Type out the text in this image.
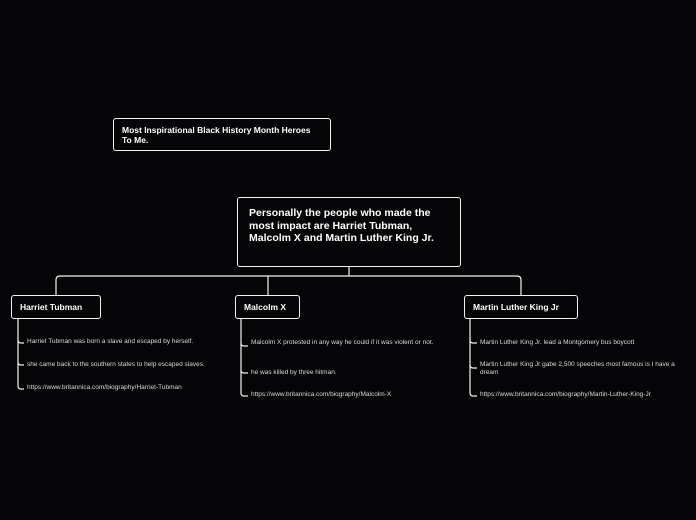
Most Inspirational Black History Month Heroes To Me.
Personally the people who made the most impact are Harriet Tubman, Malcolm X and Martin Luther King Jr.
Harriet Tubman	Malcolm X	Martin Luther King Jr
Harriet Tubman was born a slave and escaped by herself.
she came back to the southern states to help escaped slaves.
https://www.britannica.com/biography/Harriet-Tubman
Malcolm X protested in any way he could if it was violent or not.
he was killed by three hitman.
https://www.britannica.com/biography/Malcolm-X
Martin Luther King Jr. lead a Montgomery bus boycott
Martin Luther King Jr gabe 2,500 speeches most famous is I have a dream
https://www.britannica.com/biography/Martin-Luther-King-Jr
